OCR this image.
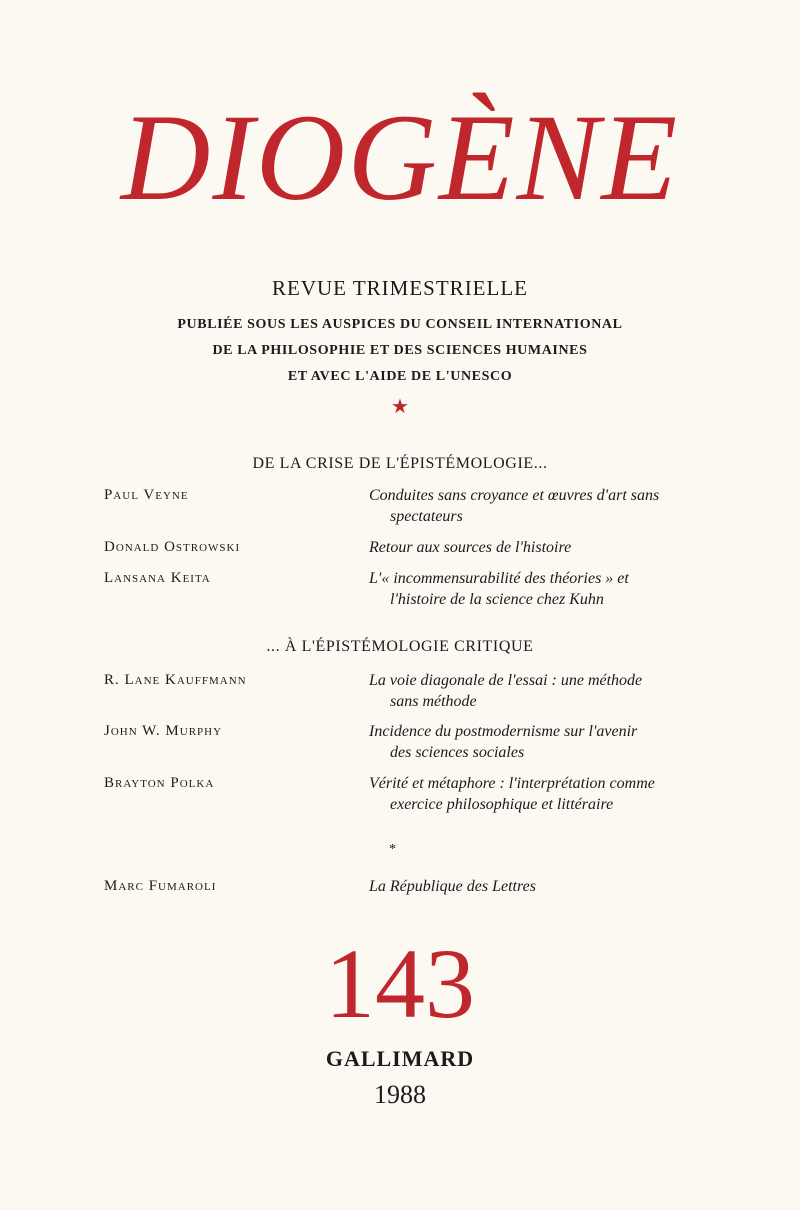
DIOGÈNE
REVUE TRIMESTRIELLE
PUBLIÉE SOUS LES AUSPICES DU CONSEIL INTERNATIONAL
DE LA PHILOSOPHIE ET DES SCIENCES HUMAINES
ET AVEC L'AIDE DE L'UNESCO
★
DE LA CRISE DE L'ÉPISTÉMOLOGIE...
Paul Veyne	Conduites sans croyance et œuvres d'art sans
spectateurs
Donald Ostrowski	Retour aux sources de l'histoire
Lansana Keita	L'« incommensurabilité des théories » et
l'histoire de la science chez Kuhn
... À L'ÉPISTÉMOLOGIE CRITIQUE
R. Lane Kauffmann	La voie diagonale de l'essai : une méthode
sans méthode
John W. Murphy	Incidence du postmodernisme sur l'avenir
des sciences sociales
Brayton Polka	Vérité et métaphore : l'interprétation comme
exercice philosophique et littéraire
*
Marc Fumaroli	La République des Lettres
143
GALLIMARD
1988
